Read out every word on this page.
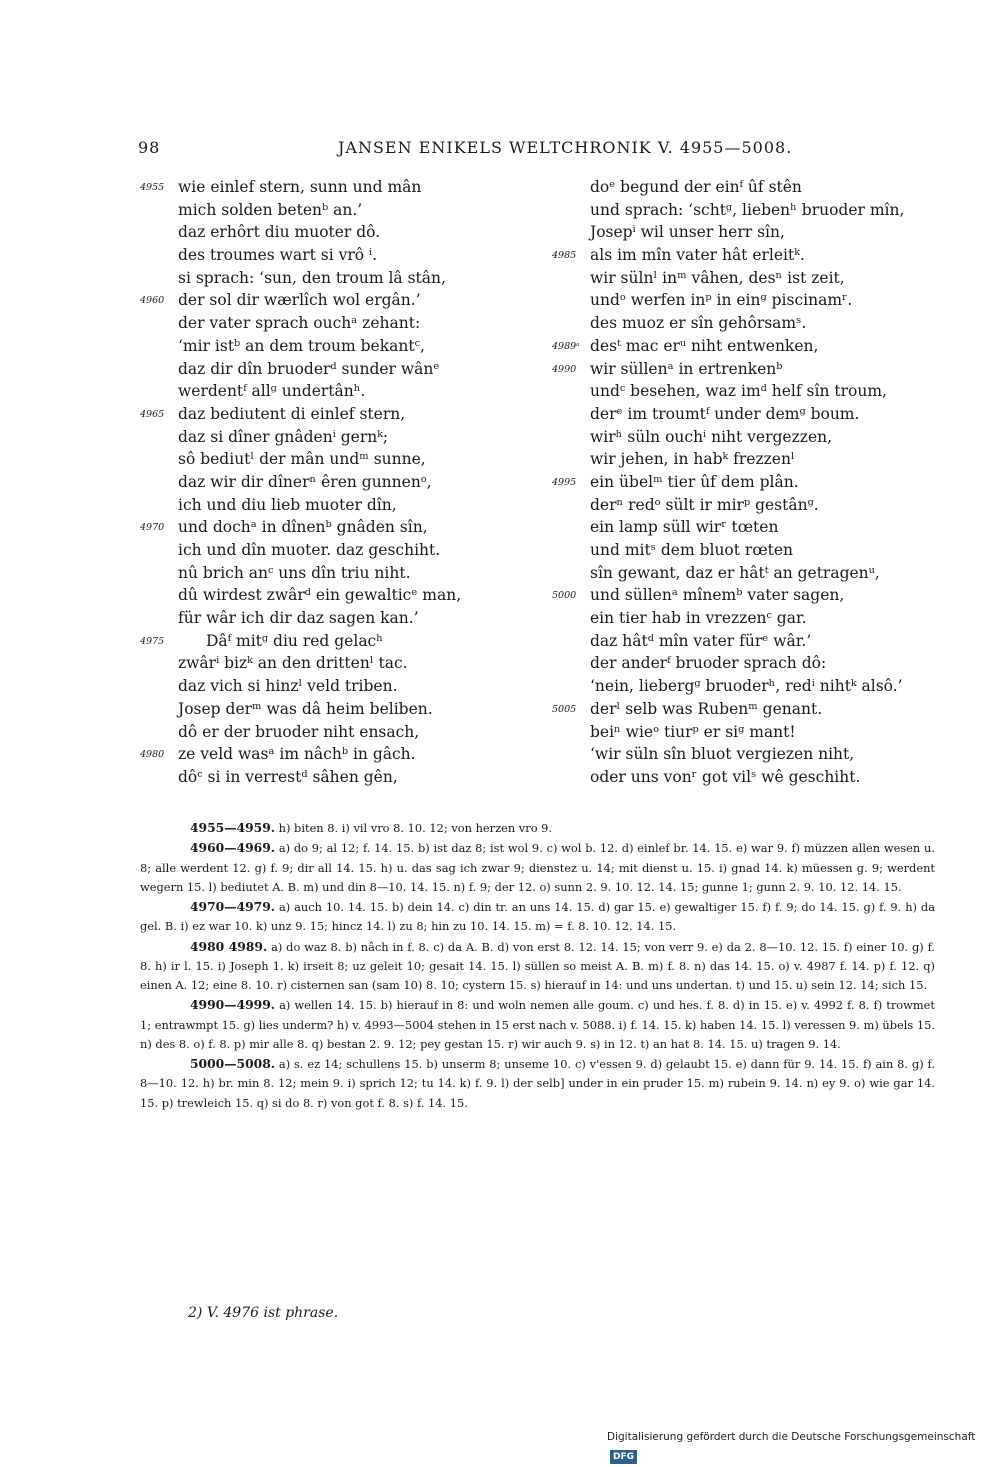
98	JANSEN ENIKELS WELTCHRONIK V. 4955—5008.
4955 wie einlef stern, sunn und mân
mich solden betenᵇ an.’
daz erhôrt diu muoter dô.
des troumes wart si vrô ⁱ.
si sprach: ‘sun, den troum lâ stân,
4960 der sol dir wærlîch wol ergân.’
der vater sprach ouchᵃ zehant:
‘mir istᵇ an dem troum bekantᶜ,
daz dir dîn bruoderᵈ sunder wânᵉ
werdentᶠ allᵍ undertânʰ.
4965 daz bediutent di einlef stern,
daz si dîner gnâdenⁱ gernᵏ;
sô bediutˡ der mân undᵐ sunne,
daz wir dir dînerⁿ êren gunnenᵒ,
ich und diu lieb muoter dîn,
4970 und dochᵃ in dînenᵇ gnâden sîn,
ich und dîn muoter. daz geschiht.
nû brich anᶜ uns dîn triu niht.
dû wirdest zwârᵈ ein gewalticᵉ man,
für wâr ich dir daz sagen kan.’
4975	Dâᶠ mitᵍ diu red gelacʰ
zwârⁱ bizᵏ an den drittenˡ tac.
daz vich si hinzˡ veld triben.
Josep derᵐ was dâ heim beliben.
dô er der bruoder niht ensach,
4980 ze veld wasᵃ im nâchᵇ in gâch.
dôᶜ si in verrestᵈ sâhen gên,
doᵉ begund der einᶠ ûf stên
und sprach: ‘schtᵍ, liebenʰ bruoder mîn,
Josepⁱ wil unser herr sîn,
4985 als im mîn vater hât erleitᵏ.
wir sülnˡ inᵐ vâhen, desⁿ ist zeit,
undᵒ werfen inᵖ in einᵍ piscinamʳ.
des muoz er sîn gehôrsamˢ.
4989ᵃ desᵗ mac erᵘ niht entwenken,
4990 wir süllenᵃ in ertrenkenᵇ
undᶜ besehen, waz imᵈ helf sîn troum,
derᵉ im troumtᶠ under demᵍ boum.
wirʰ süln ouchⁱ niht vergezzen,
wir jehen, in habᵏ frezzenˡ
4995 ein übelᵐ tier ûf dem plân.
derⁿ redᵒ sült ir mirᵖ gestânᵍ.
ein lamp süll wirʳ tœten
und mitˢ dem bluot rœten
sîn gewant, daz er hâtᵗ an getragenᵘ,
5000 und süllenᵃ mînemᵇ vater sagen,
ein tier hab in vrezzenᶜ gar.
daz hâtᵈ mîn vater fürᵉ wâr.’
der anderᶠ bruoder sprach dô:
‘nein, liebergᵍ bruoderʰ, redⁱ nihtᵏ alsô.’
5005 derˡ selb was Rubenᵐ genant.
beiⁿ wieᵒ tiurᵖ er siᵍ mant!
‘wir süln sîn bluot vergiezen niht,
oder uns vonʳ got vilˢ wê geschiht.

4955—4959. h) biten 8. i) vil vro 8. 10. 12; von herzen vro 9.

4960—4969. a) do 9; al 12; f. 14. 15. b) ist daz 8; ist wol 9. c) wol b. 12. d) einlef br. 14. 15. e) war 9. f) müzzen allen wesen u. 8; alle werdent 12. g) f. 9; dir all 14. 15. h) u. das sag ich zwar 9; dienstez u. 14; mit dienst u. 15. i) gnad 14. k) müessen g. 9; werdent wegern 15. l) bediutet A. B. m) und din 8—10. 14. 15. n) f. 9; der 12. o) sunn 2. 9. 10. 12. 14. 15; gunne 1; gunn 2. 9. 10. 12. 14. 15.

4970—4979. a) auch 10. 14. 15. b) dein 14. c) din tr. an uns 14. 15. d) gar 15. e) gewaltiger 15. f) f. 9; do 14. 15. g) f. 9. h) da gel. B. i) ez war 10. k) unz 9. 15; hincz 14. l) zu 8; hin zu 10. 14. 15. m) = f. 8. 10. 12. 14. 15.

4980 4989. a) do waz 8. b) nâch in f. 8. c) da A. B. d) von erst 8. 12. 14. 15; von verr 9. e) da 2. 8—10. 12. 15. f) einer 10. g) f. 8. h) ir l. 15. i) Joseph 1. k) irseit 8; uz geleit 10; gesait 14. 15. l) süllen so meist A. B. m) f. 8. n) das 14. 15. o) v. 4987 f. 14. p) f. 12. q) einen A. 12; eine 8. 10. r) cisternen san (sam 10) 8. 10; cystern 15. s) hierauf in 14: und uns undertan. t) und 15. u) sein 12. 14; sich 15.

4990—4999. a) wellen 14. 15. b) hierauf in 8: und woln nemen alle goum. c) und hes. f. 8. d) in 15. e) v. 4992 f. 8. f) trowmet 1; entrawmpt 15. g) lies underm? h) v. 4993—5004 stehen in 15 erst nach v. 5088. i) f. 14. 15. k) haben 14. 15. l) veressen 9. m) übels 15. n) des 8. o) f. 8. p) mir alle 8. q) bestan 2. 9. 12; pey gestan 15. r) wir auch 9. s) in 12. t) an hat 8. 14. 15. u) tragen 9. 14.

5000—5008. a) s. ez 14; schullens 15. b) unserm 8; unseme 10. c) v'essen 9. d) gelaubt 15. e) dann für 9. 14. 15. f) ain 8. g) f. 8—10. 12. h) br. min 8. 12; mein 9. i) sprich 12; tu 14. k) f. 9. l) der selb] under in ein pruder 15. m) rubein 9. 14. n) ey 9. o) wie gar 14. 15. p) trewleich 15. q) si do 8. r) von got f. 8. s) f. 14. 15.

2) V. 4976 ist phrase.
Digitalisierung gefördert durch die Deutsche Forschungsgemeinschaft DFG
